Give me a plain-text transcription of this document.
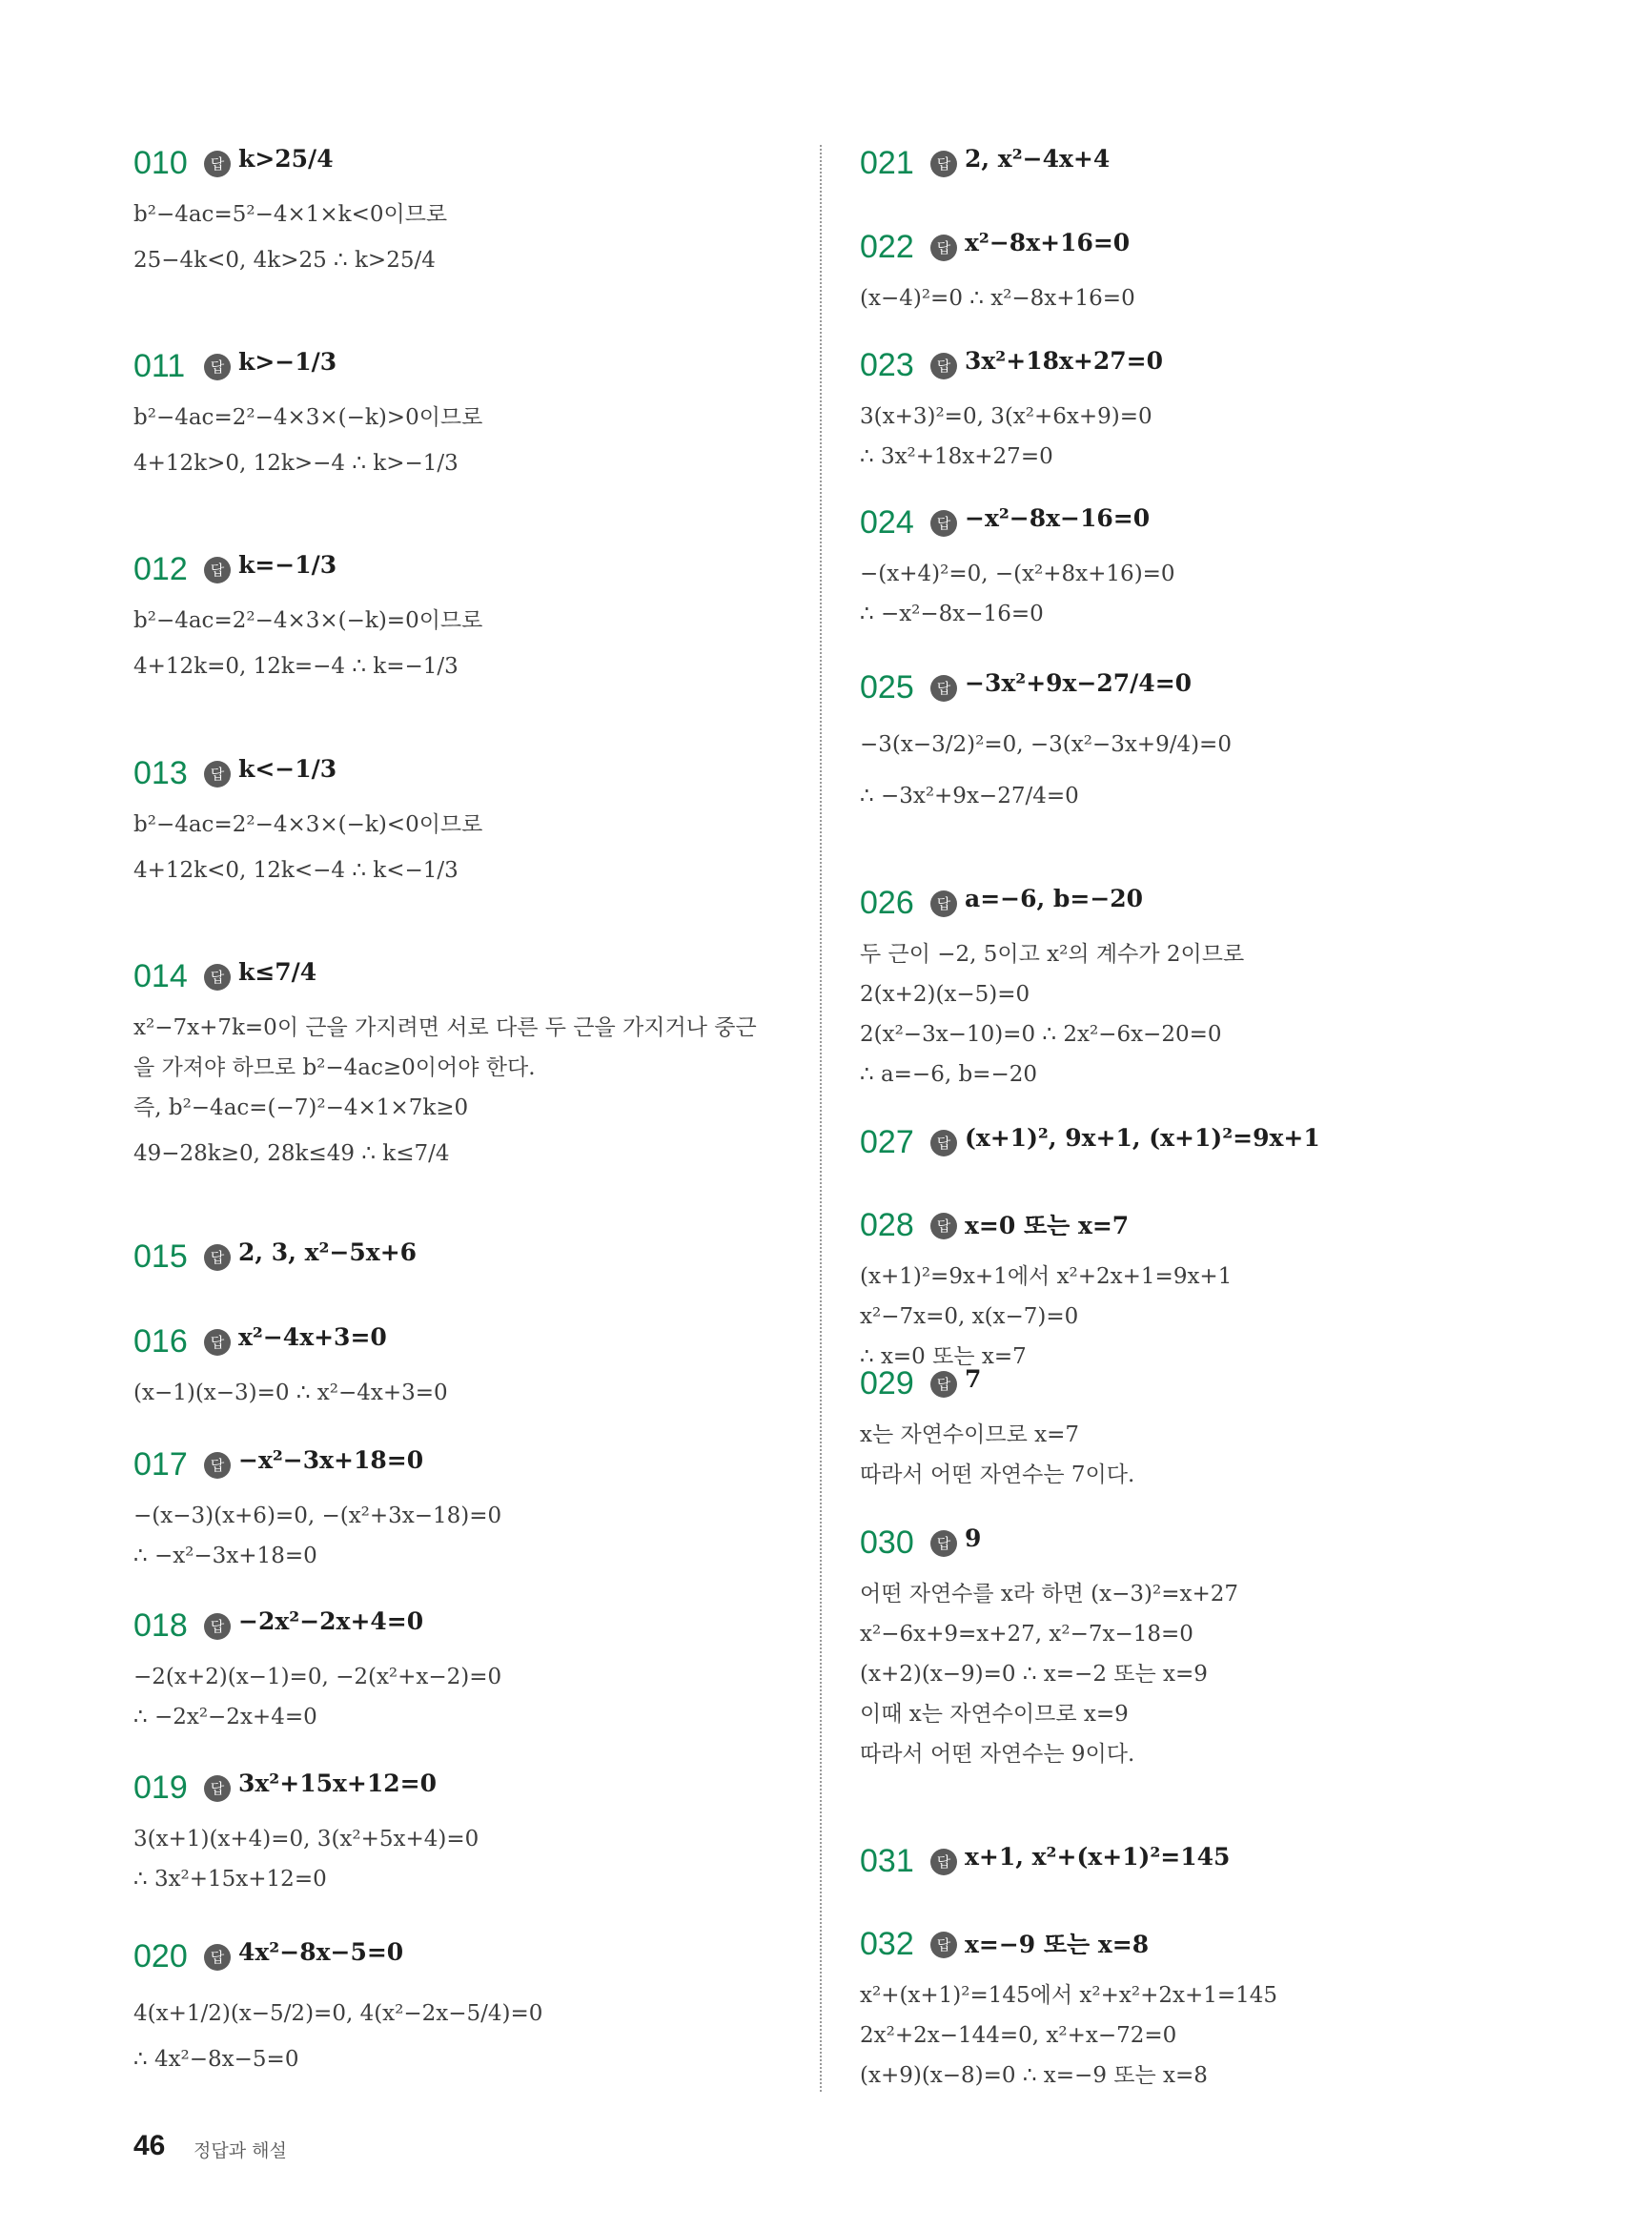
010	답 k>25/4
b²−4ac=5²−4×1×k<0이므로
25−4k<0, 4k>25 ∴ k>25/4
011	답 k>−1/3
b²−4ac=2²−4×3×(−k)>0이므로
4+12k>0, 12k>−4 ∴ k>−1/3
012	답 k=−1/3
b²−4ac=2²−4×3×(−k)=0이므로
4+12k=0, 12k=−4 ∴ k=−1/3
013	답 k<−1/3
b²−4ac=2²−4×3×(−k)<0이므로
4+12k<0, 12k<−4 ∴ k<−1/3
014	답 k≤7/4
x²−7x+7k=0이 근을 가지려면 서로 다른 두 근을 가지거나 중근
을 가져야 하므로 b²−4ac≥0이어야 한다.
즉, b²−4ac=(−7)²−4×1×7k≥0
49−28k≥0, 28k≤49 ∴ k≤7/4
015	답 2, 3, x²−5x+6
016	답 x²−4x+3=0
(x−1)(x−3)=0 ∴ x²−4x+3=0
017	답 −x²−3x+18=0
−(x−3)(x+6)=0, −(x²+3x−18)=0
∴ −x²−3x+18=0
018	답 −2x²−2x+4=0
−2(x+2)(x−1)=0, −2(x²+x−2)=0
∴ −2x²−2x+4=0
019	답 3x²+15x+12=0
3(x+1)(x+4)=0, 3(x²+5x+4)=0
∴ 3x²+15x+12=0
020	답 4x²−8x−5=0
4(x+1/2)(x−5/2)=0, 4(x²−2x−5/4)=0
∴ 4x²−8x−5=0
021	답 2, x²−4x+4
022	답 x²−8x+16=0
(x−4)²=0 ∴ x²−8x+16=0
023	답 3x²+18x+27=0
3(x+3)²=0, 3(x²+6x+9)=0
∴ 3x²+18x+27=0
024	답 −x²−8x−16=0
−(x+4)²=0, −(x²+8x+16)=0
∴ −x²−8x−16=0
025	답 −3x²+9x−27/4=0
−3(x−3/2)²=0, −3(x²−3x+9/4)=0
∴ −3x²+9x−27/4=0
026	답 a=−6, b=−20
두 근이 −2, 5이고 x²의 계수가 2이므로
2(x+2)(x−5)=0
2(x²−3x−10)=0 ∴ 2x²−6x−20=0
∴ a=−6, b=−20
027	답 (x+1)², 9x+1, (x+1)²=9x+1
028	답 x=0 또는 x=7
(x+1)²=9x+1에서 x²+2x+1=9x+1
x²−7x=0, x(x−7)=0
∴ x=0 또는 x=7
029	답 7
x는 자연수이므로 x=7
따라서 어떤 자연수는 7이다.
030	답 9
어떤 자연수를 x라 하면 (x−3)²=x+27
x²−6x+9=x+27, x²−7x−18=0
(x+2)(x−9)=0 ∴ x=−2 또는 x=9
이때 x는 자연수이므로 x=9
따라서 어떤 자연수는 9이다.
031	답 x+1, x²+(x+1)²=145
032	답 x=−9 또는 x=8
x²+(x+1)²=145에서 x²+x²+2x+1=145
2x²+2x−144=0, x²+x−72=0
(x+9)(x−8)=0 ∴ x=−9 또는 x=8
46 정답과 해설
